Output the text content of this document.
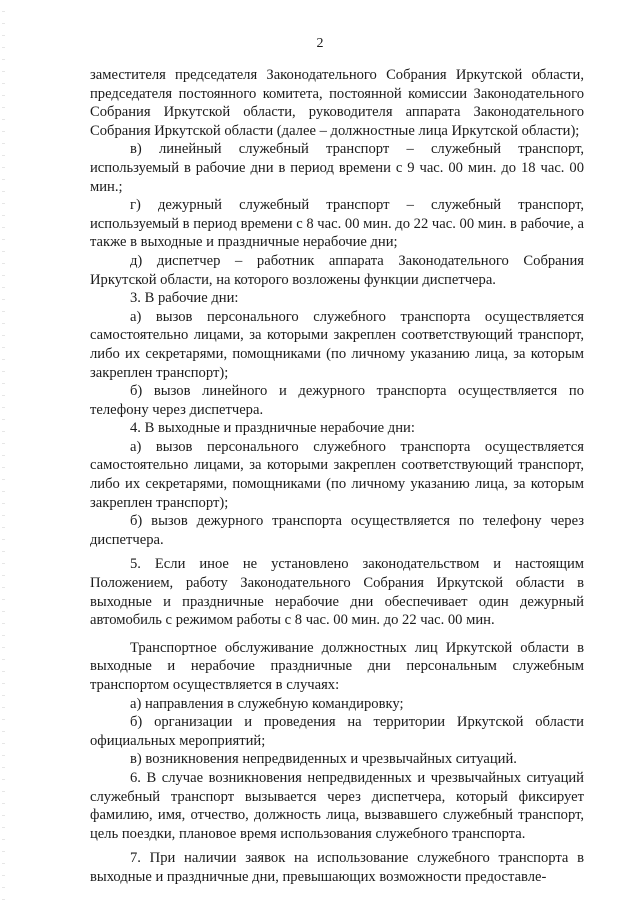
2

заместителя председателя Законодательного Собрания Иркутской области, председателя постоянного комитета, постоянной комиссии Законодательного Собрания Иркутской области, руководителя аппарата Законодательного Собрания Иркутской области (далее – должностные лица Иркутской области);

в) линейный служебный транспорт – служебный транспорт, используемый в рабочие дни в период времени с 9 час. 00 мин. до 18 час. 00 мин.;

г) дежурный служебный транспорт – служебный транспорт, используемый в период времени с 8 час. 00 мин. до 22 час. 00 мин. в рабочие, а также в выходные и праздничные нерабочие дни;

д) диспетчер – работник аппарата Законодательного Собрания Иркутской области, на которого возложены функции диспетчера.

3. В рабочие дни:

а) вызов персонального служебного транспорта осуществляется самостоятельно лицами, за которыми закреплен соответствующий транспорт, либо их секретарями, помощниками (по личному указанию лица, за которым закреплен транспорт);

б) вызов линейного и дежурного транспорта осуществляется по телефону через диспетчера.

4. В выходные и праздничные нерабочие дни:

а) вызов персонального служебного транспорта осуществляется самостоятельно лицами, за которыми закреплен соответствующий транспорт, либо их секретарями, помощниками (по личному указанию лица, за которым закреплен транспорт);

б) вызов дежурного транспорта осуществляется по телефону через диспетчера.

5. Если иное не установлено законодательством и настоящим Положением, работу Законодательного Собрания Иркутской области в выходные и праздничные нерабочие дни обеспечивает один дежурный автомобиль с режимом работы с 8 час. 00 мин. до 22 час. 00 мин.

Транспортное обслуживание должностных лиц Иркутской области в выходные и нерабочие праздничные дни персональным служебным транспортом осуществляется в случаях:

а) направления в служебную командировку;

б) организации и проведения на территории Иркутской области официальных мероприятий;

в) возникновения непредвиденных и чрезвычайных ситуаций.

6. В случае возникновения непредвиденных и чрезвычайных ситуаций служебный транспорт вызывается через диспетчера, который фиксирует фамилию, имя, отчество, должность лица, вызвавшего служебный транспорт, цель поездки, плановое время использования служебного транспорта.

7. При наличии заявок на использование служебного транспорта в выходные и праздничные дни, превышающих возможности предоставле-
